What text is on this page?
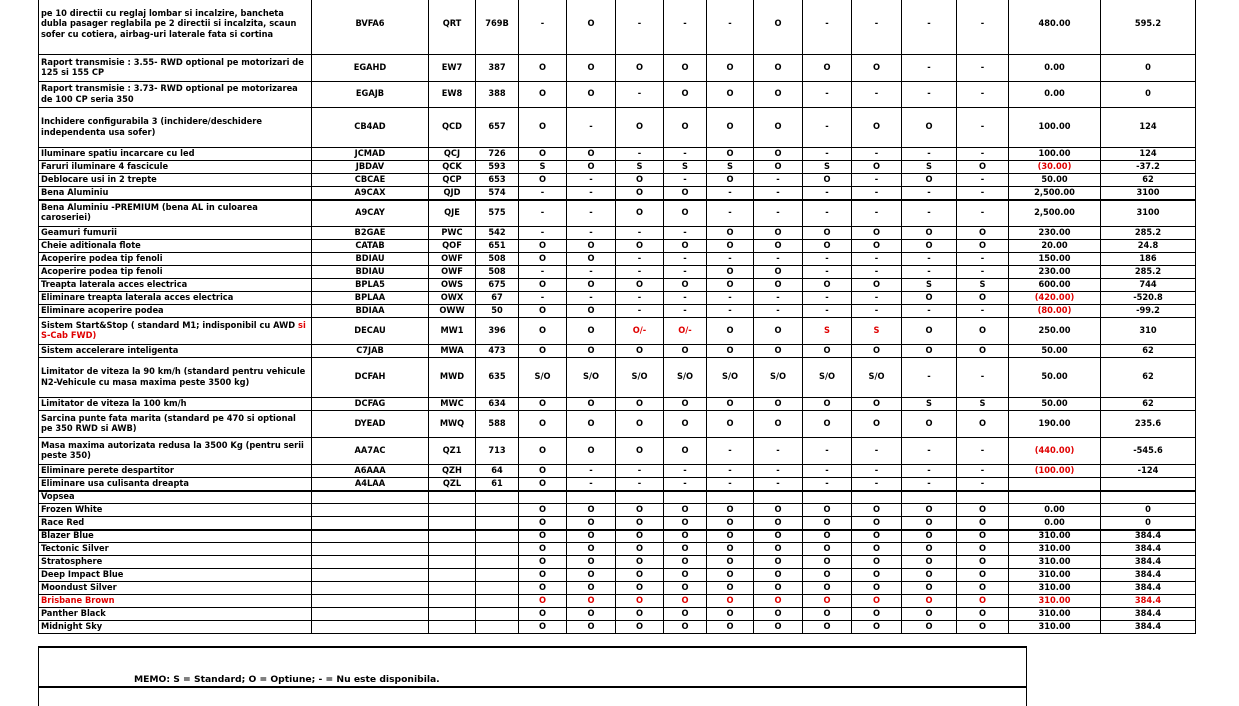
pe 10 directii cu reglaj lombar si incalzire, bancheta dubla pasager reglabila pe 2 directii si incalzita, scaun sofer cu cotiera, airbag-uri laterale fata si cortina	BVFA6	QRT	769B	-	O	-	-	-	O	-	-	-	-	480.00	595.2
Raport transmisie : 3.55- RWD optional pe motorizari de 125 si 155 CP	EGAHD	EW7	387	O	O	O	O	O	O	O	O	-	-	0.00	0
Raport transmisie : 3.73- RWD optional pe motorizarea de 100 CP seria 350	EGAJB	EW8	388	O	O	-	O	O	O	-	-	-	-	0.00	0
Inchidere configurabila 3 (inchidere/deschidere independenta usa sofer)	CB4AD	QCD	657	O	-	O	O	O	O	-	O	O	-	100.00	124
Iluminare spatiu incarcare cu led	JCMAD	QCJ	726	O	O	-	-	O	O	-	-	-	-	100.00	124
Faruri iluminare 4 fascicule	JBDAV	QCK	593	S	O	S	S	S	O	S	O	S	O	(30.00)	-37.2
Deblocare usi in 2 trepte	CBCAE	QCP	653	O	-	O	-	O	-	O	-	O	-	50.00	62
Bena Aluminiu	A9CAX	QJD	574	-	-	O	O	-	-	-	-	-	-	2,500.00	3100
Bena Aluminiu -PREMIUM (bena AL in culoarea caroseriei)	A9CAY	QJE	575	-	-	O	O	-	-	-	-	-	-	2,500.00	3100
Geamuri fumurii	B2GAE	PWC	542	-	-	-	-	O	O	O	O	O	O	230.00	285.2
Cheie aditionala flote	CATAB	QOF	651	O	O	O	O	O	O	O	O	O	O	20.00	24.8
Acoperire podea tip fenoli	BDIAU	OWF	508	O	O	-	-	-	-	-	-	-	-	150.00	186
Acoperire podea tip fenoli	BDIAU	OWF	508	-	-	-	-	O	O	-	-	-	-	230.00	285.2
Treapta laterala acces electrica	BPLA5	OWS	675	O	O	O	O	O	O	O	O	S	S	600.00	744
Eliminare treapta laterala acces electrica	BPLAA	OWX	67	-	-	-	-	-	-	-	-	O	O	(420.00)	-520.8
Eliminare acoperire podea	BDIAA	OWW	50	O	O	-	-	-	-	-	-	-	-	(80.00)	-99.2
Sistem Start&Stop ( standard M1; indisponibil cu AWD si S-Cab FWD)	DECAU	MW1	396	O	O	O/-	O/-	O	O	S	S	O	O	250.00	310
Sistem accelerare inteligenta	C7JAB	MWA	473	O	O	O	O	O	O	O	O	O	O	50.00	62
Limitator de viteza la 90 km/h (standard pentru vehicule N2-Vehicule cu masa maxima peste 3500 kg)	DCFAH	MWD	635	S/O	S/O	S/O	S/O	S/O	S/O	S/O	S/O	-	-	50.00	62
Limitator de viteza la 100 km/h	DCFAG	MWC	634	O	O	O	O	O	O	O	O	S	S	50.00	62
Sarcina punte fata marita (standard pe 470 si optional pe 350 RWD si AWB)	DYEAD	MWQ	588	O	O	O	O	O	O	O	O	O	O	190.00	235.6
Masa maxima autorizata redusa la 3500 Kg (pentru serii peste 350)	AA7AC	QZ1	713	O	O	O	O	-	-	-	-	-	-	(440.00)	-545.6
Eliminare perete despartitor	A6AAA	QZH	64	O	-	-	-	-	-	-	-	-	-	(100.00)	-124
Eliminare usa culisanta dreapta	A4LAA	QZL	61	O	-	-	-	-	-	-	-	-	-		
Vopsea															
Frozen White				O	O	O	O	O	O	O	O	O	O	0.00	0
Race Red				O	O	O	O	O	O	O	O	O	O	0.00	0
Blazer Blue				O	O	O	O	O	O	O	O	O	O	310.00	384.4
Tectonic Silver				O	O	O	O	O	O	O	O	O	O	310.00	384.4
Stratosphere				O	O	O	O	O	O	O	O	O	O	310.00	384.4
Deep Impact Blue				O	O	O	O	O	O	O	O	O	O	310.00	384.4
Moondust Silver				O	O	O	O	O	O	O	O	O	O	310.00	384.4
Brisbane Brown				O	O	O	O	O	O	O	O	O	O	310.00	384.4
Panther Black				O	O	O	O	O	O	O	O	O	O	310.00	384.4
Midnight Sky				O	O	O	O	O	O	O	O	O	O	310.00	384.4
MEMO: S = Standard; O = Optiune; - = Nu este disponibila.
